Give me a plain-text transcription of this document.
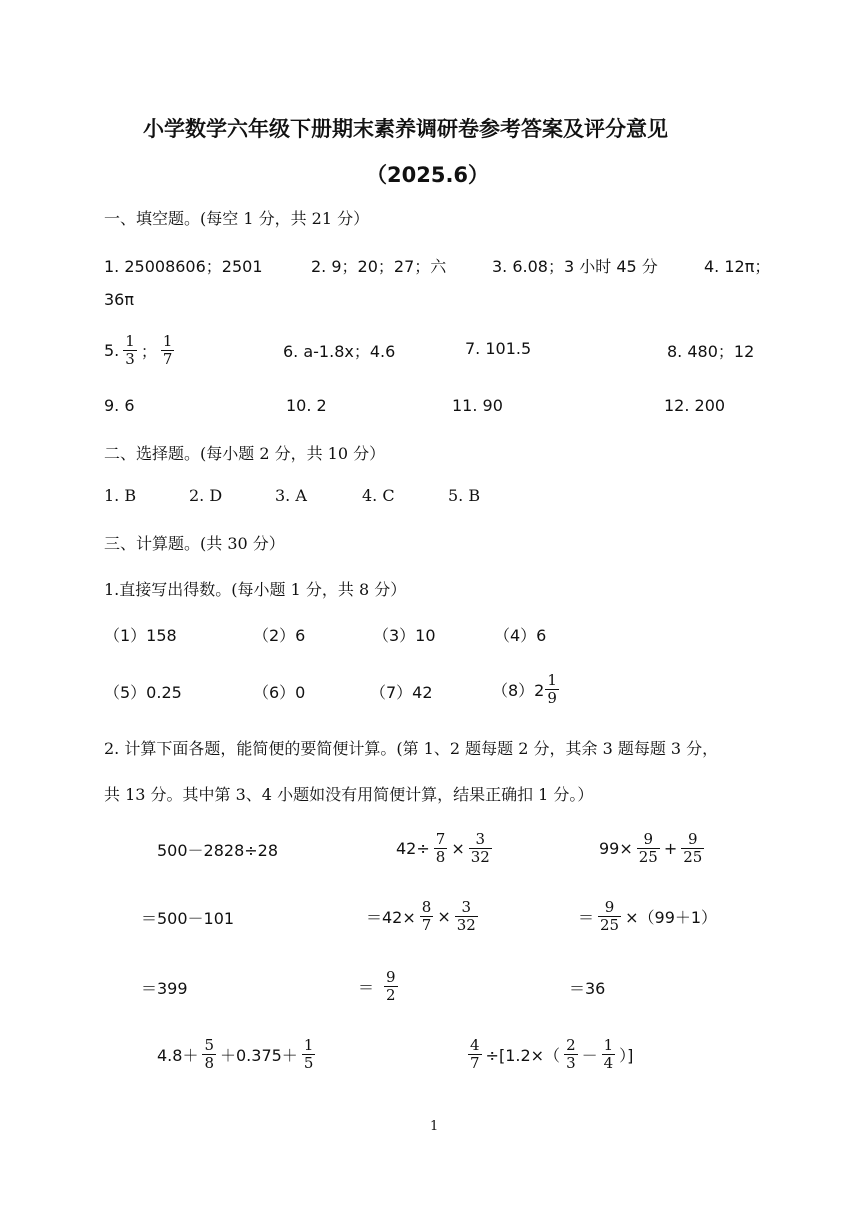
小学数学六年级下册期末素养调研卷参考答案及评分意见
（2025.6）
一、填空题。(每空 1 分，共 21 分）
1. 25008606；2501	2. 9；20；27；六	3. 6.08；3 小时 45 分	4. 12π；
36π
5. $\frac{1}{3}$ ； $\frac{1}{7}$	6. a-1.8x；4.6	7. 101.5	8. 480；12
9. 6	10. 2	11. 90	12. 200
二、选择题。(每小题 2 分，共 10 分）
1. B	2. D	3. A	4. C	5. B
三、计算题。(共 30 分）
1.直接写出得数。(每小题 1 分，共 8 分）
（1）158	（2）6	（3）10	（4）6
（5）0.25	（6）0	（7）42	$(8)2 \frac{1}{9}$
2. 计算下面各题，能简便的要简便计算。(第 1、2 题每题 2 分，其余 3 题每题 3 分，
共 13 分。其中第 3、4 小题如没有用简便计算，结果正确扣 1 分。）
500－2828÷28
＝500－101
＝399
$42\div \frac{7}{8} \times \frac{3}{32}$
$=42\times \frac{8}{7} \times \frac{3}{32}$
＝ $\frac{9}{2}$
$99\times \frac{9}{25} + \frac{9}{25}$
＝ $\frac{9}{25} \times(99+1)$
＝36
$4.8+ \frac{5}{8} +0.375+ \frac{1}{5}$	$\frac{4}{7} \div[1.2\times( \frac{2}{3} - \frac{1}{4}$ ）]
1
